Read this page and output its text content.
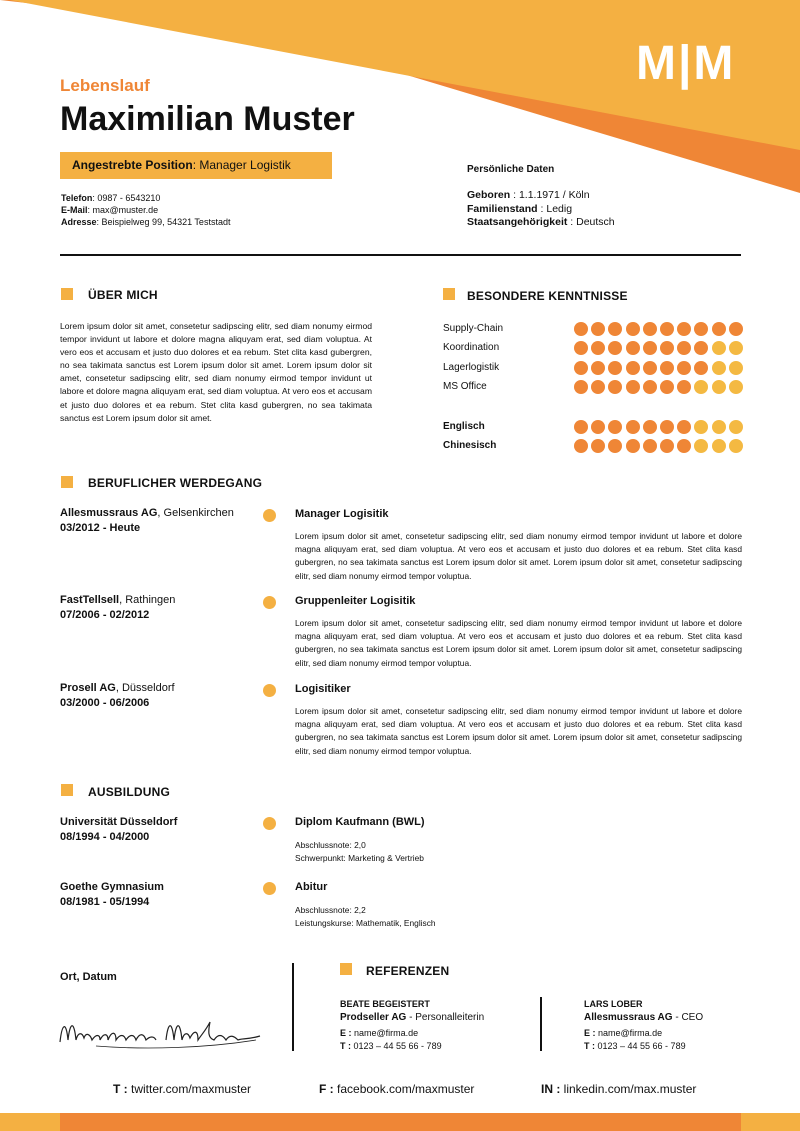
M|M
Lebenslauf
Maximilian Muster
Angestrebte Position: Manager Logistik
Telefon: 0987 - 6543210
E-Mail: max@muster.de
Adresse: Beispielweg 99, 54321 Teststadt
Persönliche Daten
Geboren : 1.1.1971 / Köln
Familienstand : Ledig
Staatsangehörigkeit : Deutsch
ÜBER MICH
Lorem ipsum dolor sit amet, consetetur sadipscing elitr, sed diam nonumy eirmod tempor invidunt ut labore et dolore magna aliquyam erat, sed diam voluptua. At vero eos et accusam et justo duo dolores et ea rebum. Stet clita kasd gubergren, no sea takimata sanctus est Lorem ipsum dolor sit amet. Lorem ipsum dolor sit amet, consetetur sadipscing elitr, sed diam nonumy eirmod tempor invidunt ut labore et dolore magna aliquyam erat, sed diam voluptua. At vero eos et accusam et justo duo dolores et ea rebum. Stet clita kasd gubergren, no sea takimata sanctus est Lorem ipsum dolor sit amet.
BESONDERE KENNTNISSE
Supply-Chain
Koordination
Lagerlogistik
MS Office
Englisch
Chinesisch
BERUFLICHER WERDEGANG
Allesmussraus AG, Gelsenkirchen
03/2012 - Heute
Manager Logisitik
Lorem ipsum dolor sit amet, consetetur sadipscing elitr, sed diam nonumy eirmod tempor invidunt ut labore et dolore magna aliquyam erat, sed diam voluptua. At vero eos et accusam et justo duo dolores et ea rebum. Stet clita kasd gubergren, no sea takimata sanctus est Lorem ipsum dolor sit amet. Lorem ipsum dolor sit amet, consetetur sadipscing elitr, sed diam nonumy eirmod tempor voluptua.
FastTellsell, Rathingen
07/2006 - 02/2012
Gruppenleiter Logisitik
Lorem ipsum dolor sit amet, consetetur sadipscing elitr, sed diam nonumy eirmod tempor invidunt ut labore et dolore magna aliquyam erat, sed diam voluptua. At vero eos et accusam et justo duo dolores et ea rebum. Stet clita kasd gubergren, no sea takimata sanctus est Lorem ipsum dolor sit amet. Lorem ipsum dolor sit amet, consetetur sadipscing elitr, sed diam nonumy eirmod tempor voluptua.
Prosell AG, Düsseldorf
03/2000 - 06/2006
Logisitiker
Lorem ipsum dolor sit amet, consetetur sadipscing elitr, sed diam nonumy eirmod tempor invidunt ut labore et dolore magna aliquyam erat, sed diam voluptua. At vero eos et accusam et justo duo dolores et ea rebum. Stet clita kasd gubergren, no sea takimata sanctus est Lorem ipsum dolor sit amet. Lorem ipsum dolor sit amet, consetetur sadipscing elitr, sed diam nonumy eirmod tempor voluptua.
AUSBILDUNG
Universität Düsseldorf
08/1994 - 04/2000
Diplom Kaufmann (BWL)
Abschlussnote: 2,0
Schwerpunkt: Marketing & Vertrieb
Goethe Gymnasium
08/1981 - 05/1994
Abitur
Abschlussnote: 2,2
Leistungskurse: Mathematik, Englisch
Ort, Datum	REFERENZEN
BEATE BEGEISTERT
Prodseller AG - Personalleiterin
E : name@firma.de
T : 0123 – 44 55 66 - 789
LARS LOBER
Allesmussraus AG - CEO
E : name@firma.de
T : 0123 – 44 55 66 - 789
T : twitter.com/maxmuster	F : facebook.com/maxmuster	IN : linkedin.com/max.muster
